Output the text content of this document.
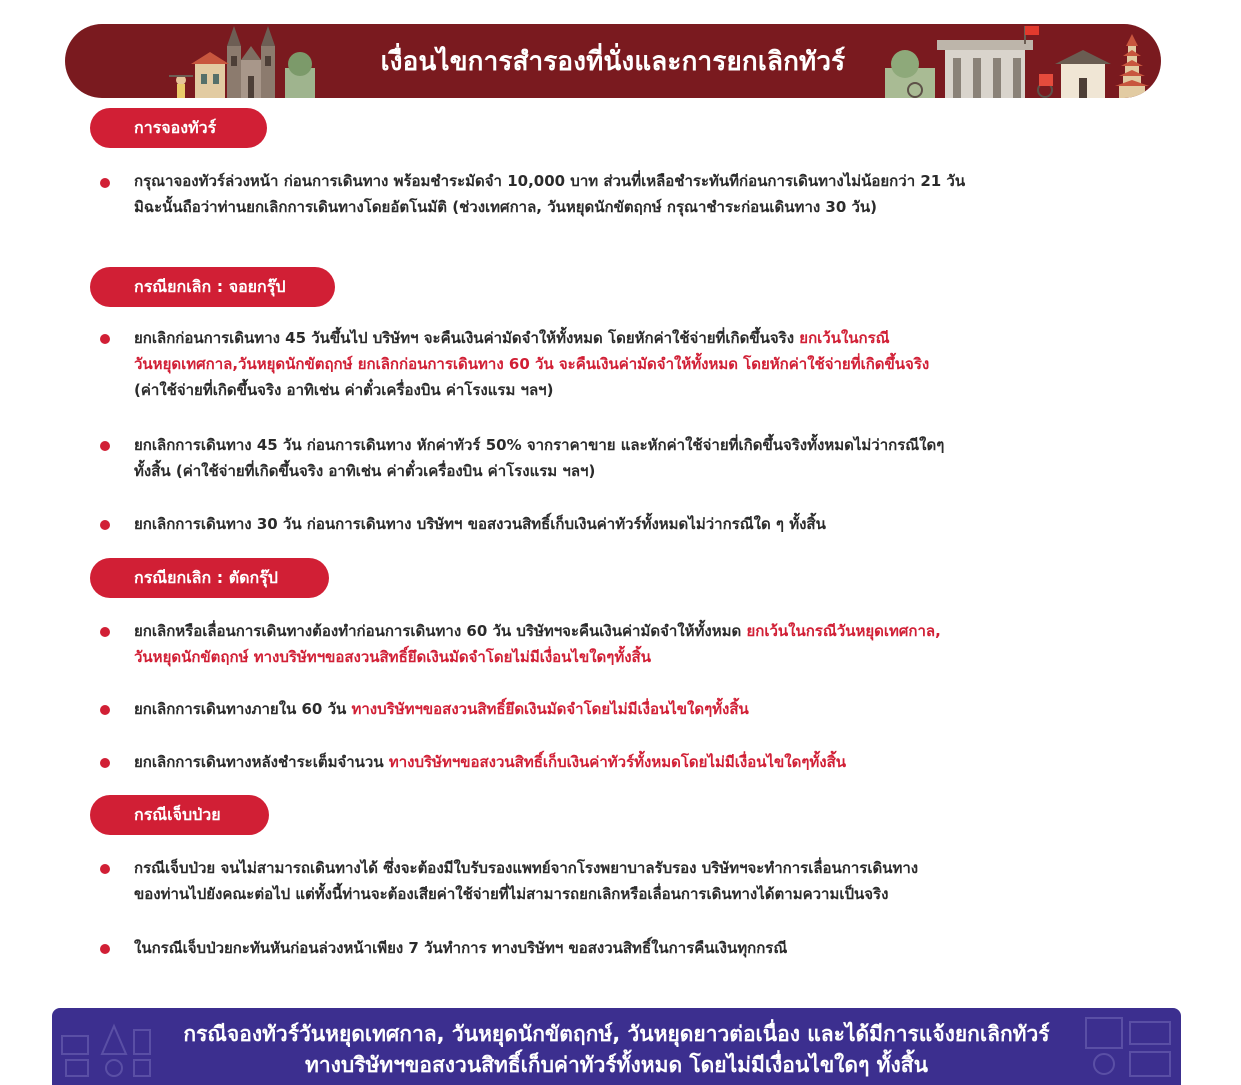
เงื่อนไขการสำรองที่นั่งและการยกเลิกทัวร์
การจองทัวร์
กรุณาจองทัวร์ล่วงหน้า ก่อนการเดินทาง พร้อมชำระมัดจำ 10,000 บาท ส่วนที่เหลือชำระทันทีก่อนการเดินทางไม่น้อยกว่า 21 วัน
มิฉะนั้นถือว่าท่านยกเลิกการเดินทางโดยอัตโนมัติ (ช่วงเทศกาล, วันหยุดนักขัตฤกษ์ กรุณาชำระก่อนเดินทาง 30 วัน)
กรณียกเลิก : จอยกรุ๊ป
ยกเลิกก่อนการเดินทาง 45 วันขึ้นไป บริษัทฯ จะคืนเงินค่ามัดจำให้ทั้งหมด โดยหักค่าใช้จ่ายที่เกิดขึ้นจริง ยกเว้นในกรณี
วันหยุดเทศกาล,วันหยุดนักขัตฤกษ์ ยกเลิกก่อนการเดินทาง 60 วัน จะคืนเงินค่ามัดจำให้ทั้งหมด โดยหักค่าใช้จ่ายที่เกิดขึ้นจริง
(ค่าใช้จ่ายที่เกิดขึ้นจริง อาทิเช่น ค่าตั๋วเครื่องบิน ค่าโรงแรม ฯลฯ)
ยกเลิกการเดินทาง 45 วัน ก่อนการเดินทาง หักค่าทัวร์ 50% จากราคาขาย และหักค่าใช้จ่ายที่เกิดขึ้นจริงทั้งหมดไม่ว่ากรณีใดๆ
ทั้งสิ้น (ค่าใช้จ่ายที่เกิดขึ้นจริง อาทิเช่น ค่าตั๋วเครื่องบิน ค่าโรงแรม ฯลฯ)
ยกเลิกการเดินทาง 30 วัน ก่อนการเดินทาง บริษัทฯ ขอสงวนสิทธิ์เก็บเงินค่าทัวร์ทั้งหมดไม่ว่ากรณีใด ๆ ทั้งสิ้น
กรณียกเลิก : ตัดกรุ๊ป
ยกเลิกหรือเลื่อนการเดินทางต้องทำก่อนการเดินทาง 60 วัน บริษัทฯจะคืนเงินค่ามัดจำให้ทั้งหมด ยกเว้นในกรณีวันหยุดเทศกาล,
วันหยุดนักขัตฤกษ์ ทางบริษัทฯขอสงวนสิทธิ์ยึดเงินมัดจำโดยไม่มีเงื่อนไขใดๆทั้งสิ้น
ยกเลิกการเดินทางภายใน 60 วัน ทางบริษัทฯขอสงวนสิทธิ์ยึดเงินมัดจำโดยไม่มีเงื่อนไขใดๆทั้งสิ้น
ยกเลิกการเดินทางหลังชำระเต็มจำนวน ทางบริษัทฯขอสงวนสิทธิ์เก็บเงินค่าทัวร์ทั้งหมดโดยไม่มีเงื่อนไขใดๆทั้งสิ้น
กรณีเจ็บป่วย
กรณีเจ็บป่วย จนไม่สามารถเดินทางได้ ซึ่งจะต้องมีใบรับรองแพทย์จากโรงพยาบาลรับรอง บริษัทฯจะทำการเลื่อนการเดินทาง
ของท่านไปยังคณะต่อไป แต่ทั้งนี้ท่านจะต้องเสียค่าใช้จ่ายที่ไม่สามารถยกเลิกหรือเลื่อนการเดินทางได้ตามความเป็นจริง
ในกรณีเจ็บป่วยกะทันหันก่อนล่วงหน้าเพียง 7 วันทำการ ทางบริษัทฯ ขอสงวนสิทธิ์ในการคืนเงินทุกกรณี
กรณีจองทัวร์วันหยุดเทศกาล, วันหยุดนักขัตฤกษ์, วันหยุดยาวต่อเนื่อง และได้มีการแจ้งยกเลิกทัวร์
ทางบริษัทฯขอสงวนสิทธิ์เก็บค่าทัวร์ทั้งหมด โดยไม่มีเงื่อนไขใดๆ ทั้งสิ้น
